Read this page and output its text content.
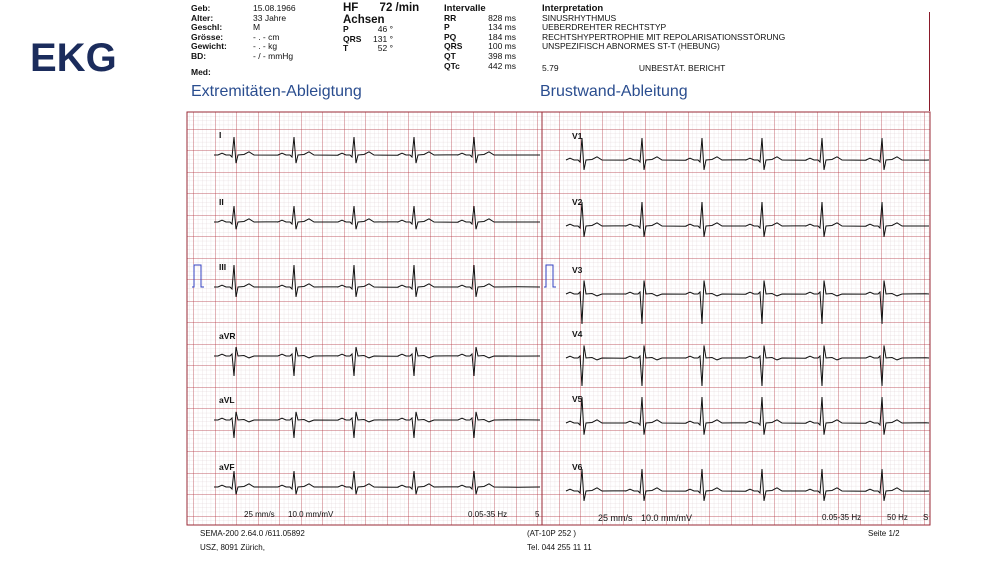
EKG
Geb:	15.08.1966
Alter:	33 Jahre
Geschl:	M
Grösse:	- . - cm
Gewicht:	- . - kg
BD:	- / - mmHg
Med:
HF 72 /min
Achsen
P	46 °
QRS 131 °
T	52 °
Intervalle
RR	828 ms
P	134 ms
PQ	184 ms
QRS	100 ms
QT	398 ms
QTc	442 ms
Interpretation
SINUSRHYTHMUS
UEBERDREHTER RECHTSTYP
RECHTSHYPERTROPHIE MIT REPOLARISATIONSSTÖRUNG
UNSPEZIFISCH ABNORMES ST-T (HEBUNG)
5.79	UNBESTÄT. BERICHT
Extremitäten-Ableigtung	Brustwand-Ableitung
I
II
III
aVR
aVL
aVF
V1
V2
V3
V4
V5
V6
25 mm/s 10.0 mm/mV	0.05-35 Hz	5	25 mm/s 10.0 mm/mV	0.05-35 Hz	50 Hz S
SEMA-200 2.64.0 /611.05892
USZ, 8091 Zürich,
(AT-10P 252 )
Tel. 044 255 11 11
Seite 1/2
